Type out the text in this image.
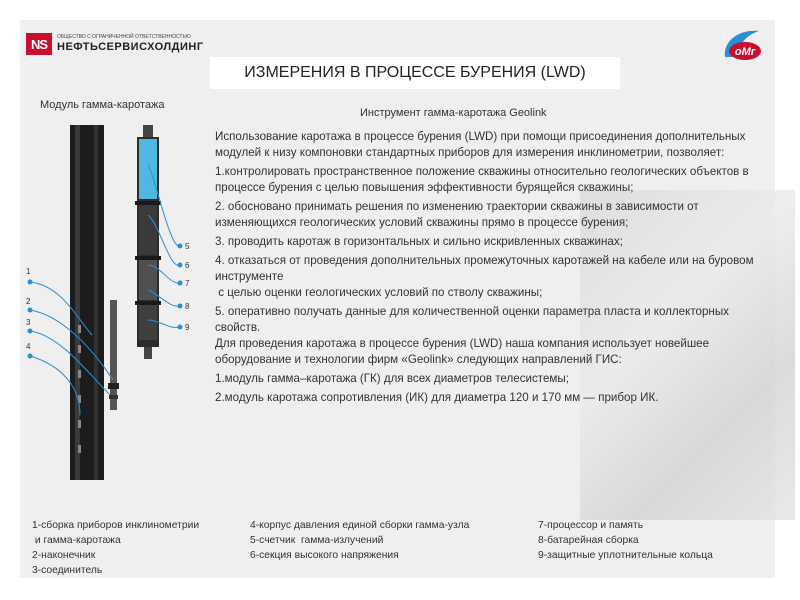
NS	ОБЩЕСТВО С ОГРАНИЧЕННОЙ ОТВЕТСТВЕННОСТЬЮ
НЕФТЬСЕРВИСХОЛДИНГ	oMr
ИЗМЕРЕНИЯ В ПРОЦЕССЕ БУРЕНИЯ (LWD)
Модуль гамма-каротажа
Инструмент гамма-каротажа Geolink
1
2
3
4
5
6
7
8
9

Использование каротажа в процессе бурения (LWD) при помощи присоединения дополнительных модулей к низу компоновки стандартных приборов для измерения инклинометрии, позволяет:

1.контролировать пространственное положение скважины относительно геологических объектов в процессе бурения с целью повышения эффективности бурящейся скважины;

2. обосновано принимать решения по изменению траектории скважины в зависимости от изменяющихся геологических условий скважины прямо в процессе бурения;

3. проводить каротаж в горизонтальных и сильно искривленных скважинах;

4. отказаться от проведения дополнительных промежуточных каротажей на кабеле или на буровом инструменте

с целью оценки геологических условий по стволу скважины;

5. оперативно получать данные для количественной оценки параметра пласта и коллекторных свойств.

Для проведения каротажа в процессе бурения (LWD) наша компания использует новейшее оборудование и технологии фирм «Geolink» следующих направлений ГИС:

1.модуль гамма–каротажа (ГК) для всех диаметров телесистемы;

2.модуль каротажа сопротивления (ИК) для диаметра 120 и 170 мм — прибор ИК.

1-сборка приборов инклинометрии
и гамма-каротажа
2-наконечник
3-соединитель
4-корпус давления единой сборки гамма-узла
5-счетчик  гамма-излучений
6-секция высокого напряжения
7-процессор и память
8-батарейная сборка
9-защитные уплотнительные кольца
